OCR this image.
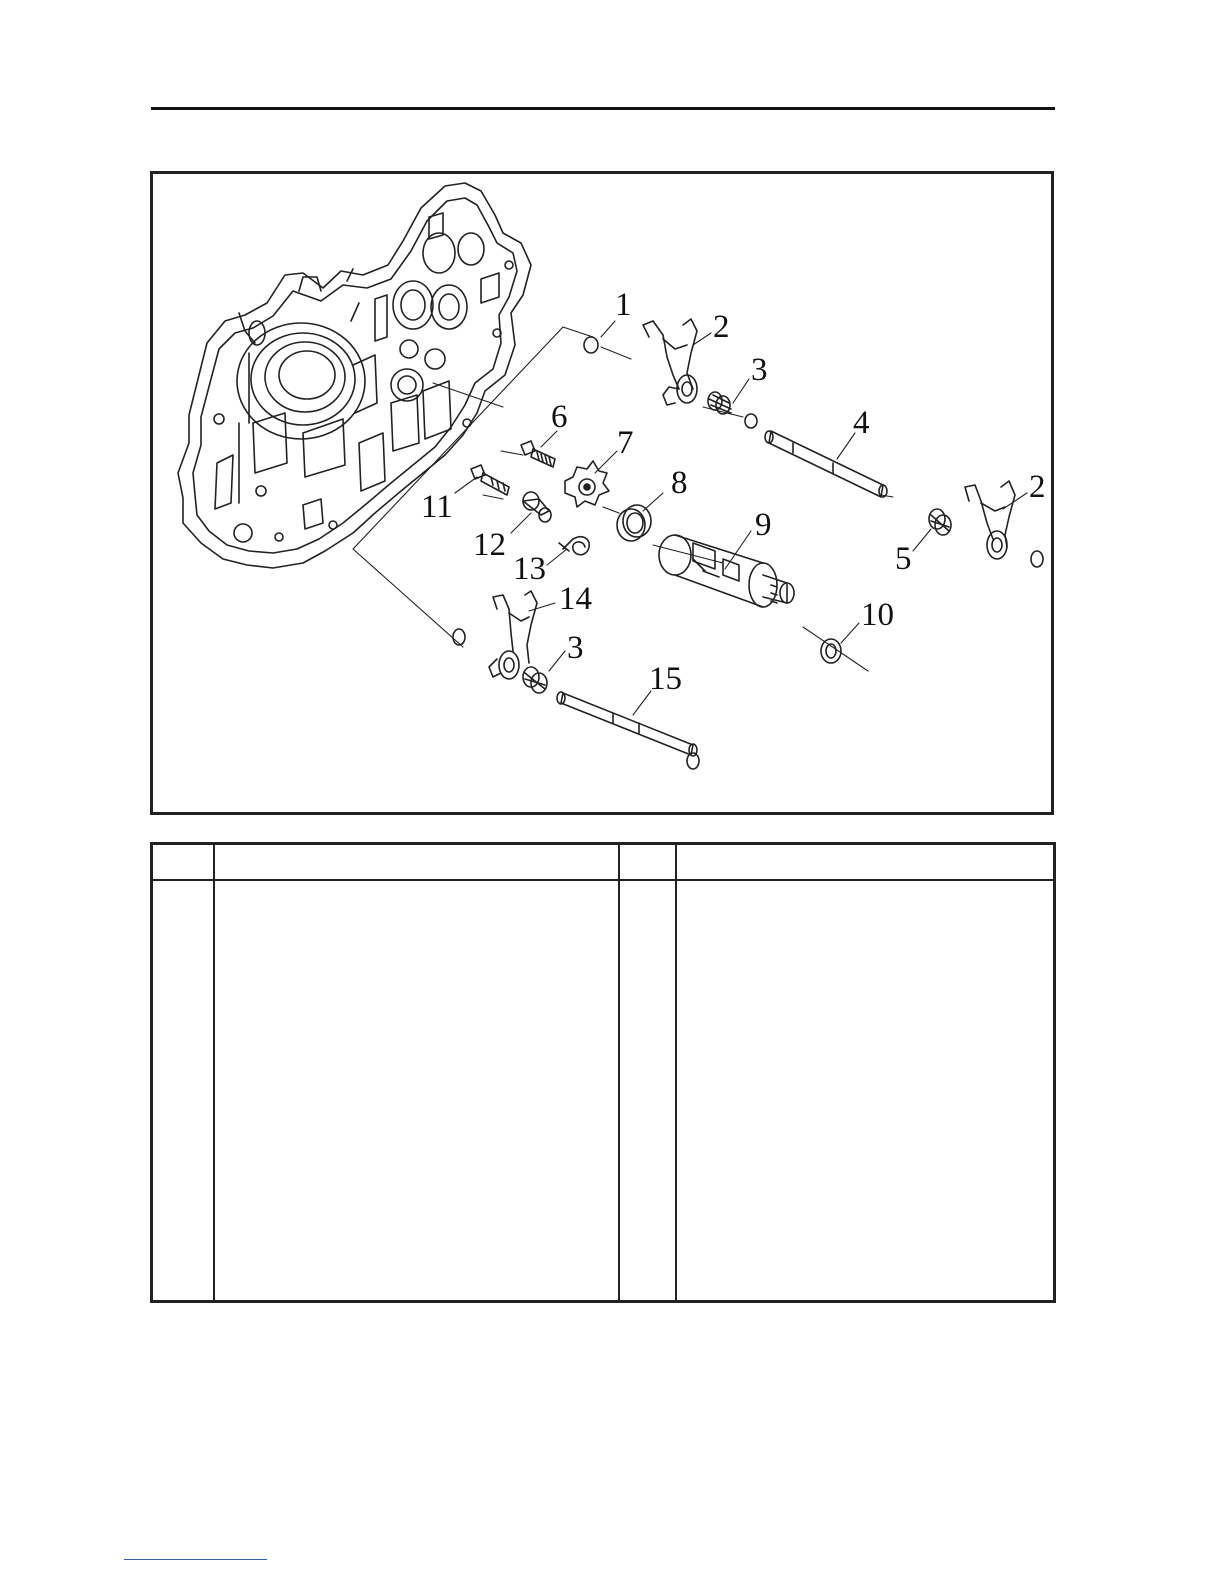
1
2
3
4
2
5
6
7
8
9
10
11
12
13
14
3
15
